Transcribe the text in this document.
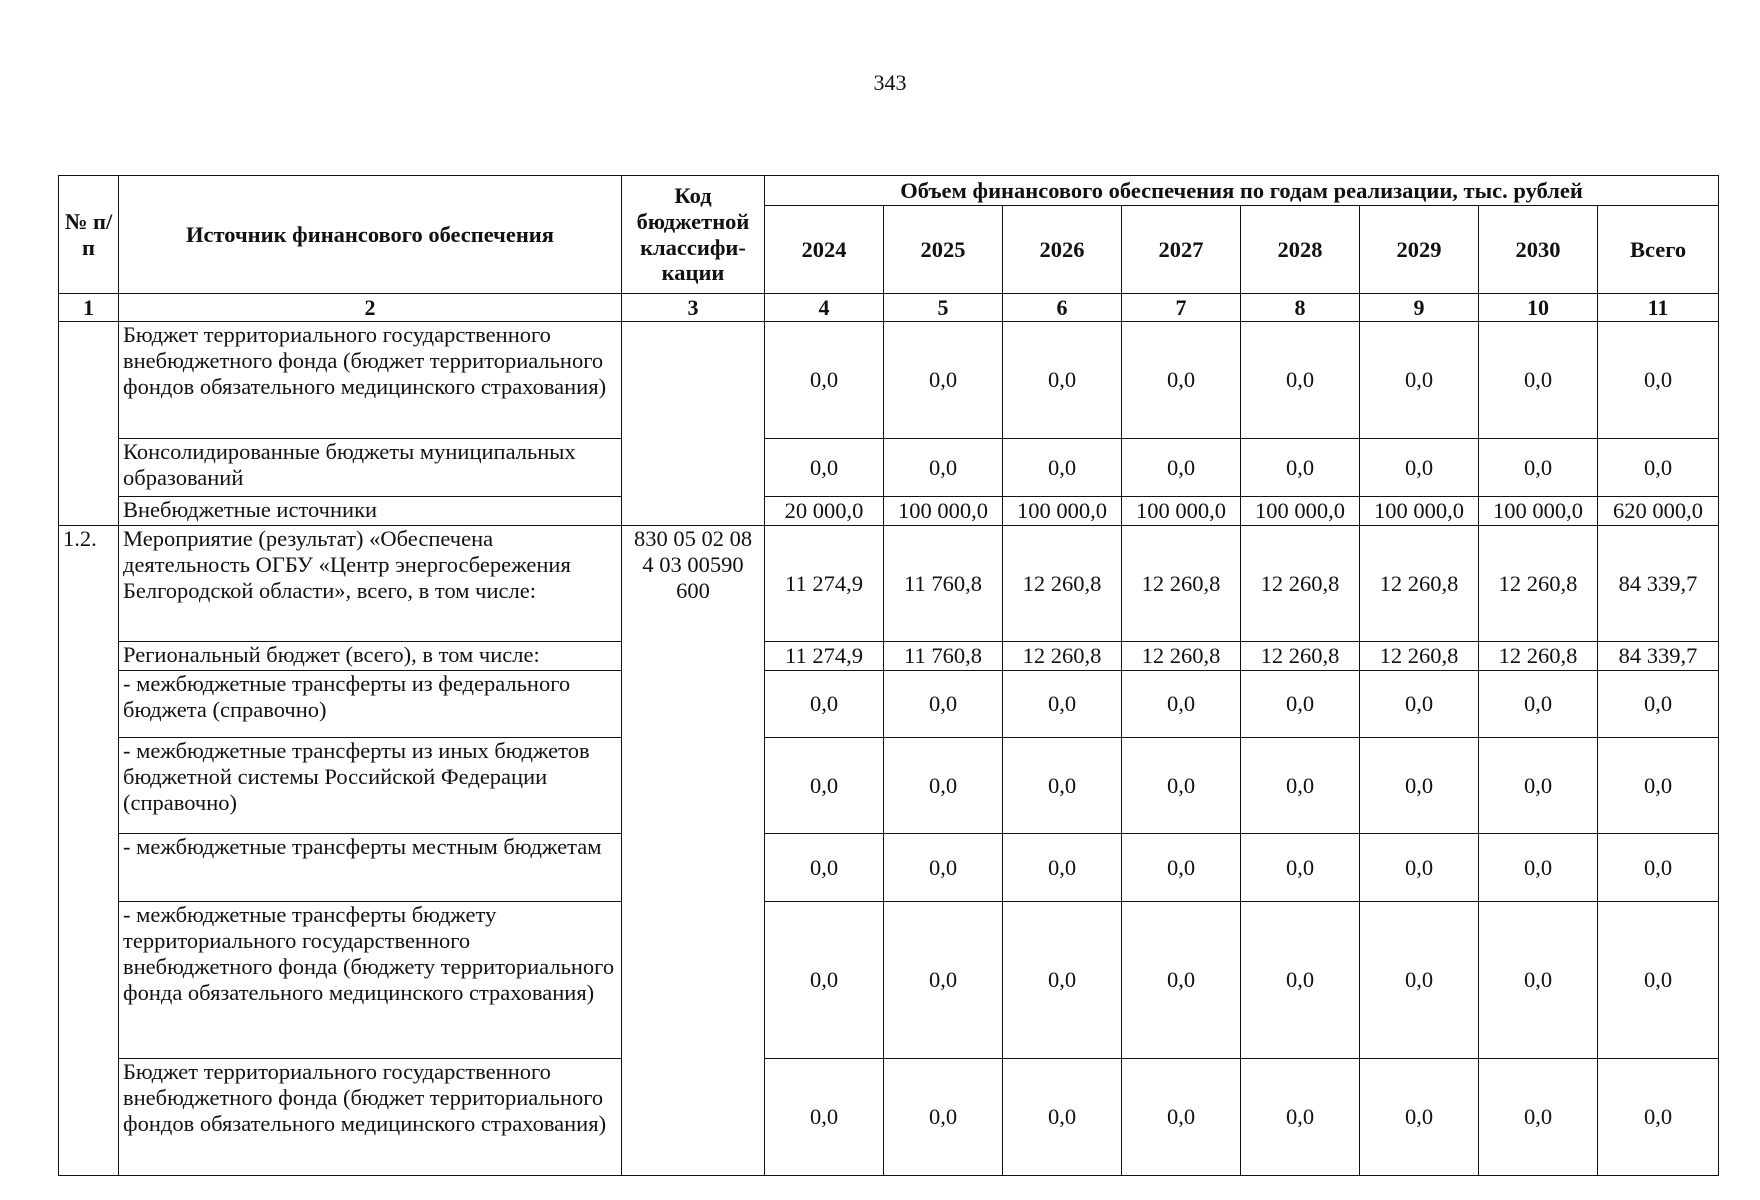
343
№ п/п	Источник финансового обеспечения	Код бюджетной классифи-кации	Объем финансового обеспечения по годам реализации, тыс. рублей							
			2024	2025	2026	2027	2028	2029	2030	Всего
1	2	3	4	5	6	7	8	9	10	11
	Бюджет территориального государственного внебюджетного фонда (бюджет территориального фондов обязательного медицинского страхования)		0,0	0,0	0,0	0,0	0,0	0,0	0,0	0,0
	Консолидированные бюджеты муниципальных образований		0,0	0,0	0,0	0,0	0,0	0,0	0,0	0,0
	Внебюджетные источники		20 000,0	100 000,0	100 000,0	100 000,0	100 000,0	100 000,0	100 000,0	620 000,0
1.2.	Мероприятие (результат) «Обеспечена деятельность ОГБУ «Центр энергосбережения Белгородской области», всего, в том числе:	830 05 02 08 4 03 00590 600	11 274,9	11 760,8	12 260,8	12 260,8	12 260,8	12 260,8	12 260,8	84 339,7
	Региональный бюджет (всего), в том числе:		11 274,9	11 760,8	12 260,8	12 260,8	12 260,8	12 260,8	12 260,8	84 339,7
	- межбюджетные трансферты из федерального бюджета (справочно)		0,0	0,0	0,0	0,0	0,0	0,0	0,0	0,0
	- межбюджетные трансферты из иных бюджетов бюджетной системы Российской Федерации (справочно)		0,0	0,0	0,0	0,0	0,0	0,0	0,0	0,0
	- межбюджетные трансферты местным бюджетам		0,0	0,0	0,0	0,0	0,0	0,0	0,0	0,0
	- межбюджетные трансферты бюджету территориального государственного внебюджетного фонда (бюджету территориального фонда обязательного медицинского страхования)		0,0	0,0	0,0	0,0	0,0	0,0	0,0	0,0
	Бюджет территориального государственного внебюджетного фонда (бюджет территориального фондов обязательного медицинского страхования)		0,0	0,0	0,0	0,0	0,0	0,0	0,0	0,0
